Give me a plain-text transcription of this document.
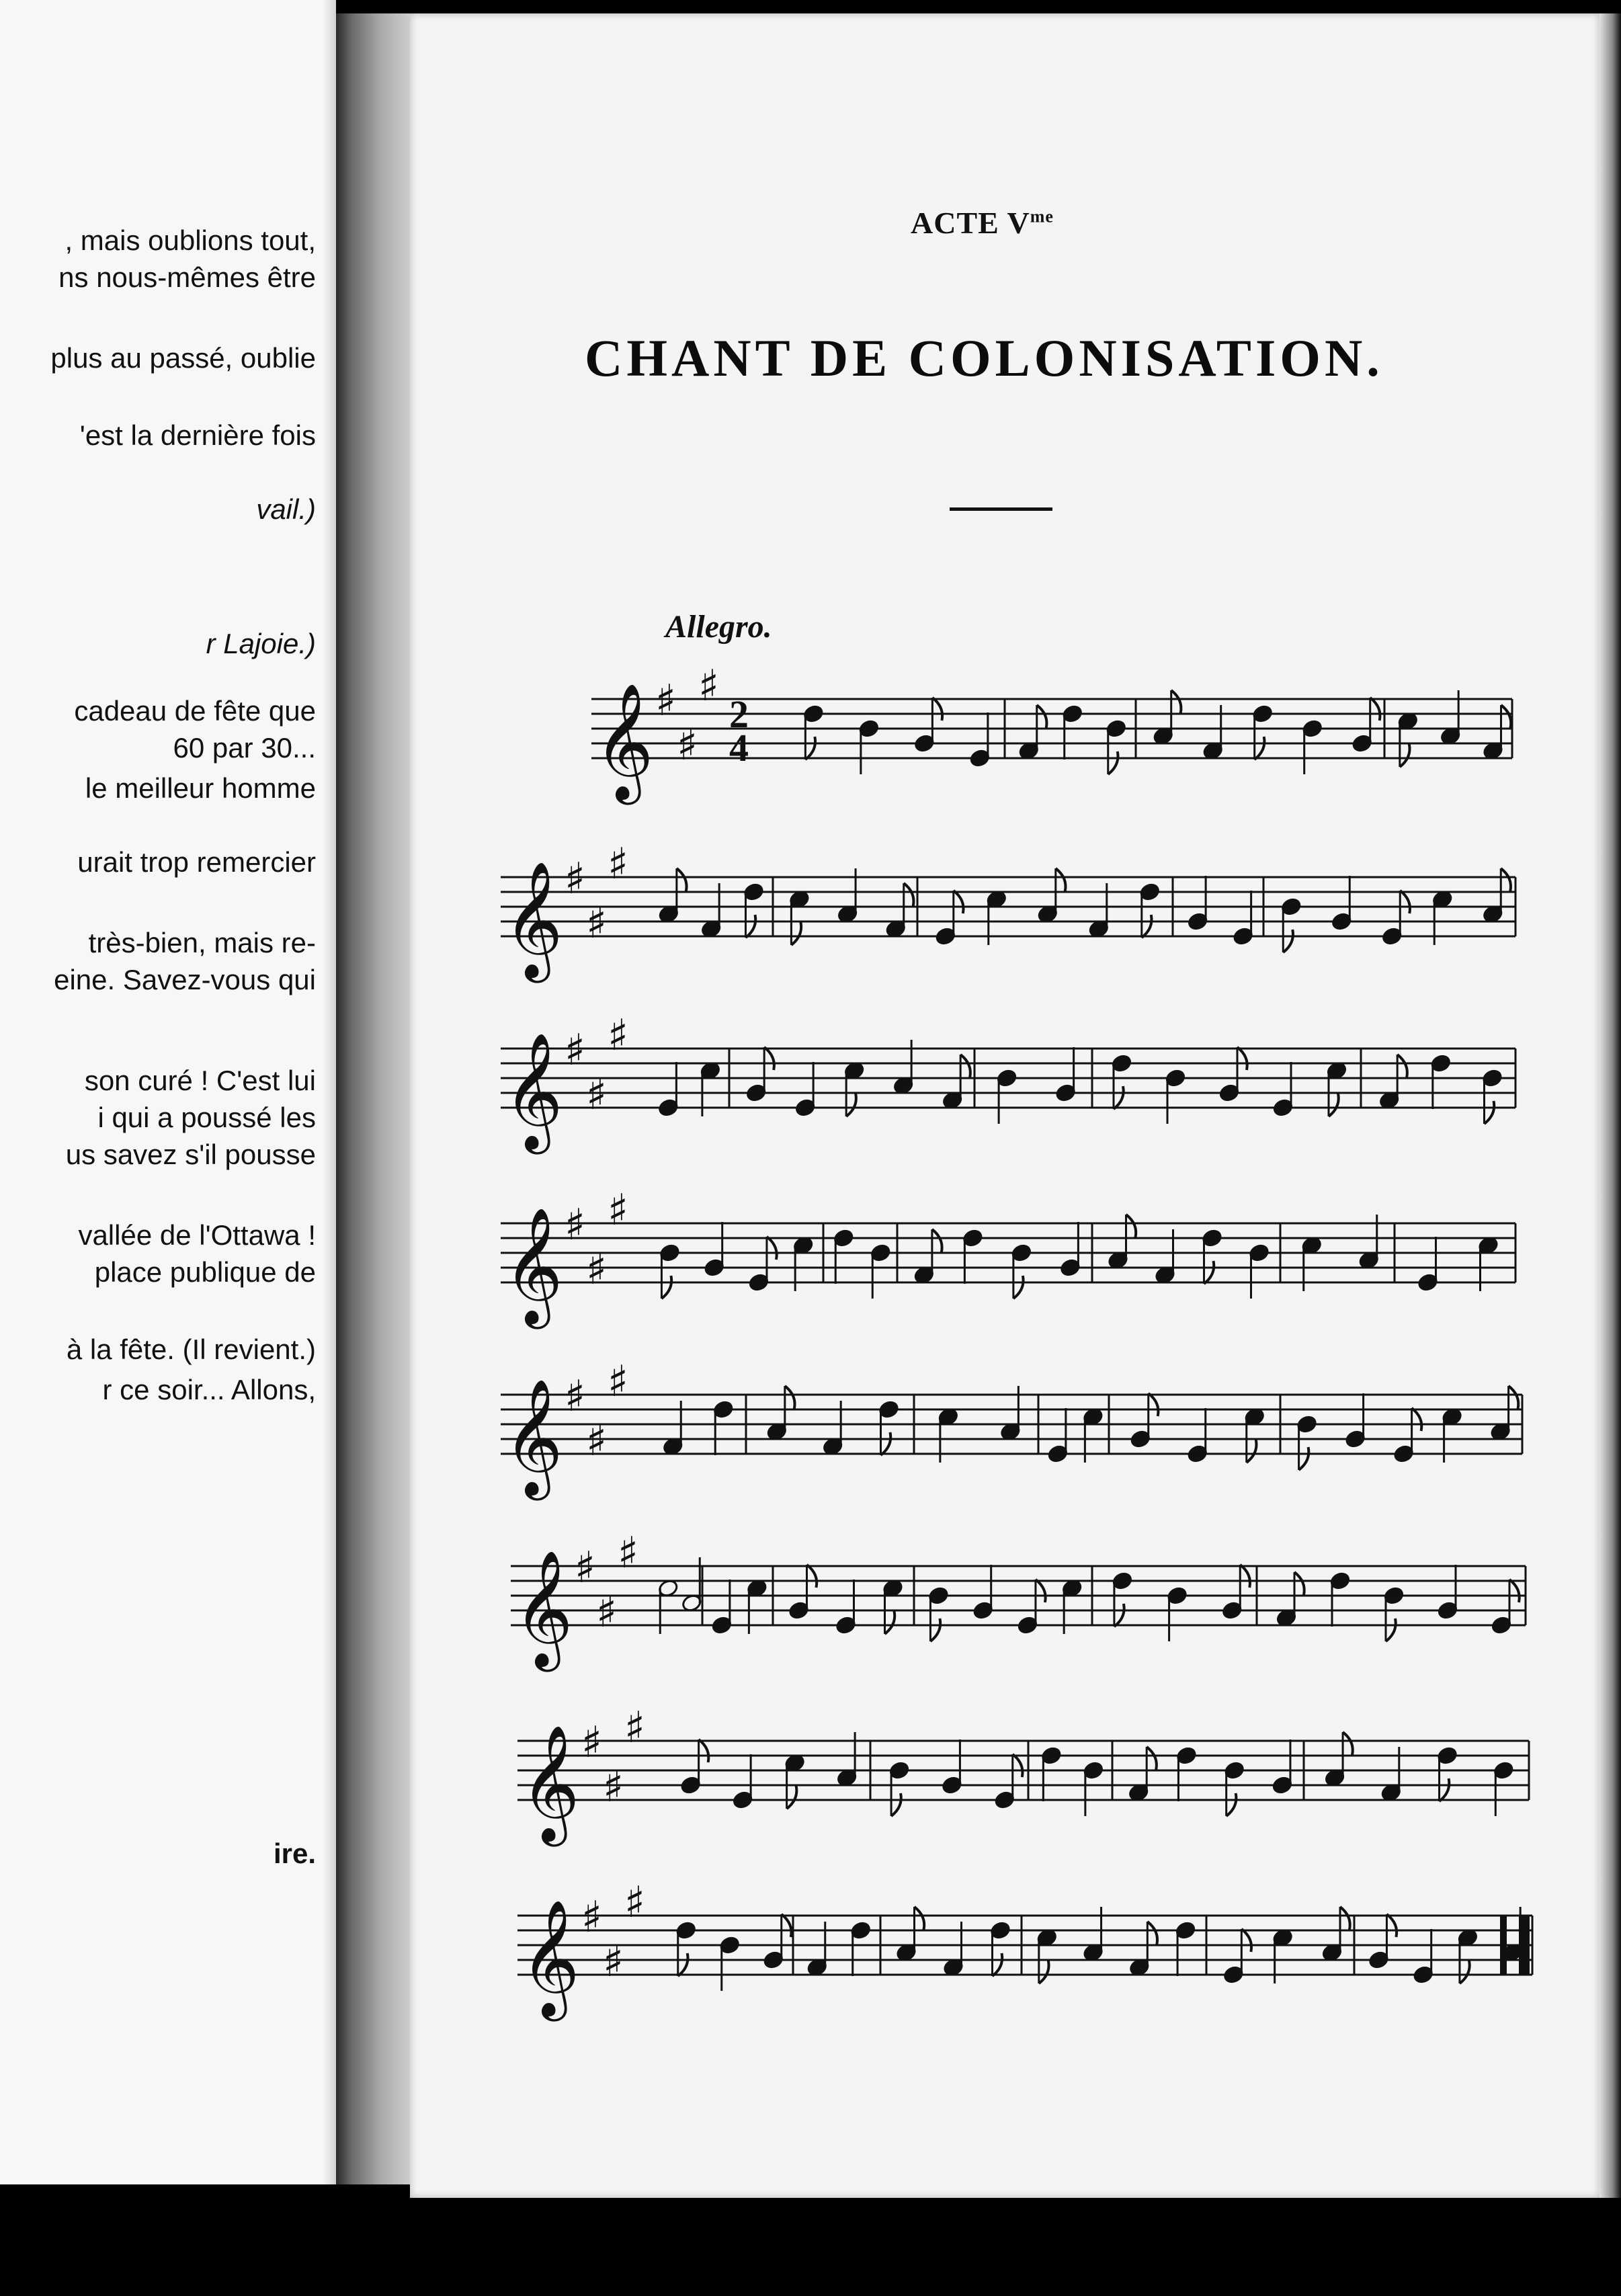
, mais oublions tout,
ns nous-mêmes être
plus au passé, oublie
'est la dernière fois
vail.)
r Lajoie.)
cadeau de fête que
60 par 30...
le meilleur homme
urait trop remercier
très-bien, mais re-
eine. Savez-vous qui
son curé ! C'est lui
i qui a poussé les
us savez s'il pousse
vallée de l'Ottawa !
place publique de
à la fête. (Il revient.)
r ce soir... Allons,
ire.
ACTE $V^{me}$
CHANT DE COLONISATION.
Allegro.
𝄞 ♯
♯
♯
2
4
𝄞 ♯
♯
♯
𝄞 ♯
♯
♯
𝄞 ♯
♯
♯
𝄞 ♯
♯
♯
𝄞 ♯
♯
♯
𝄞 ♯
♯
♯
𝄞 ♯
♯
♯
